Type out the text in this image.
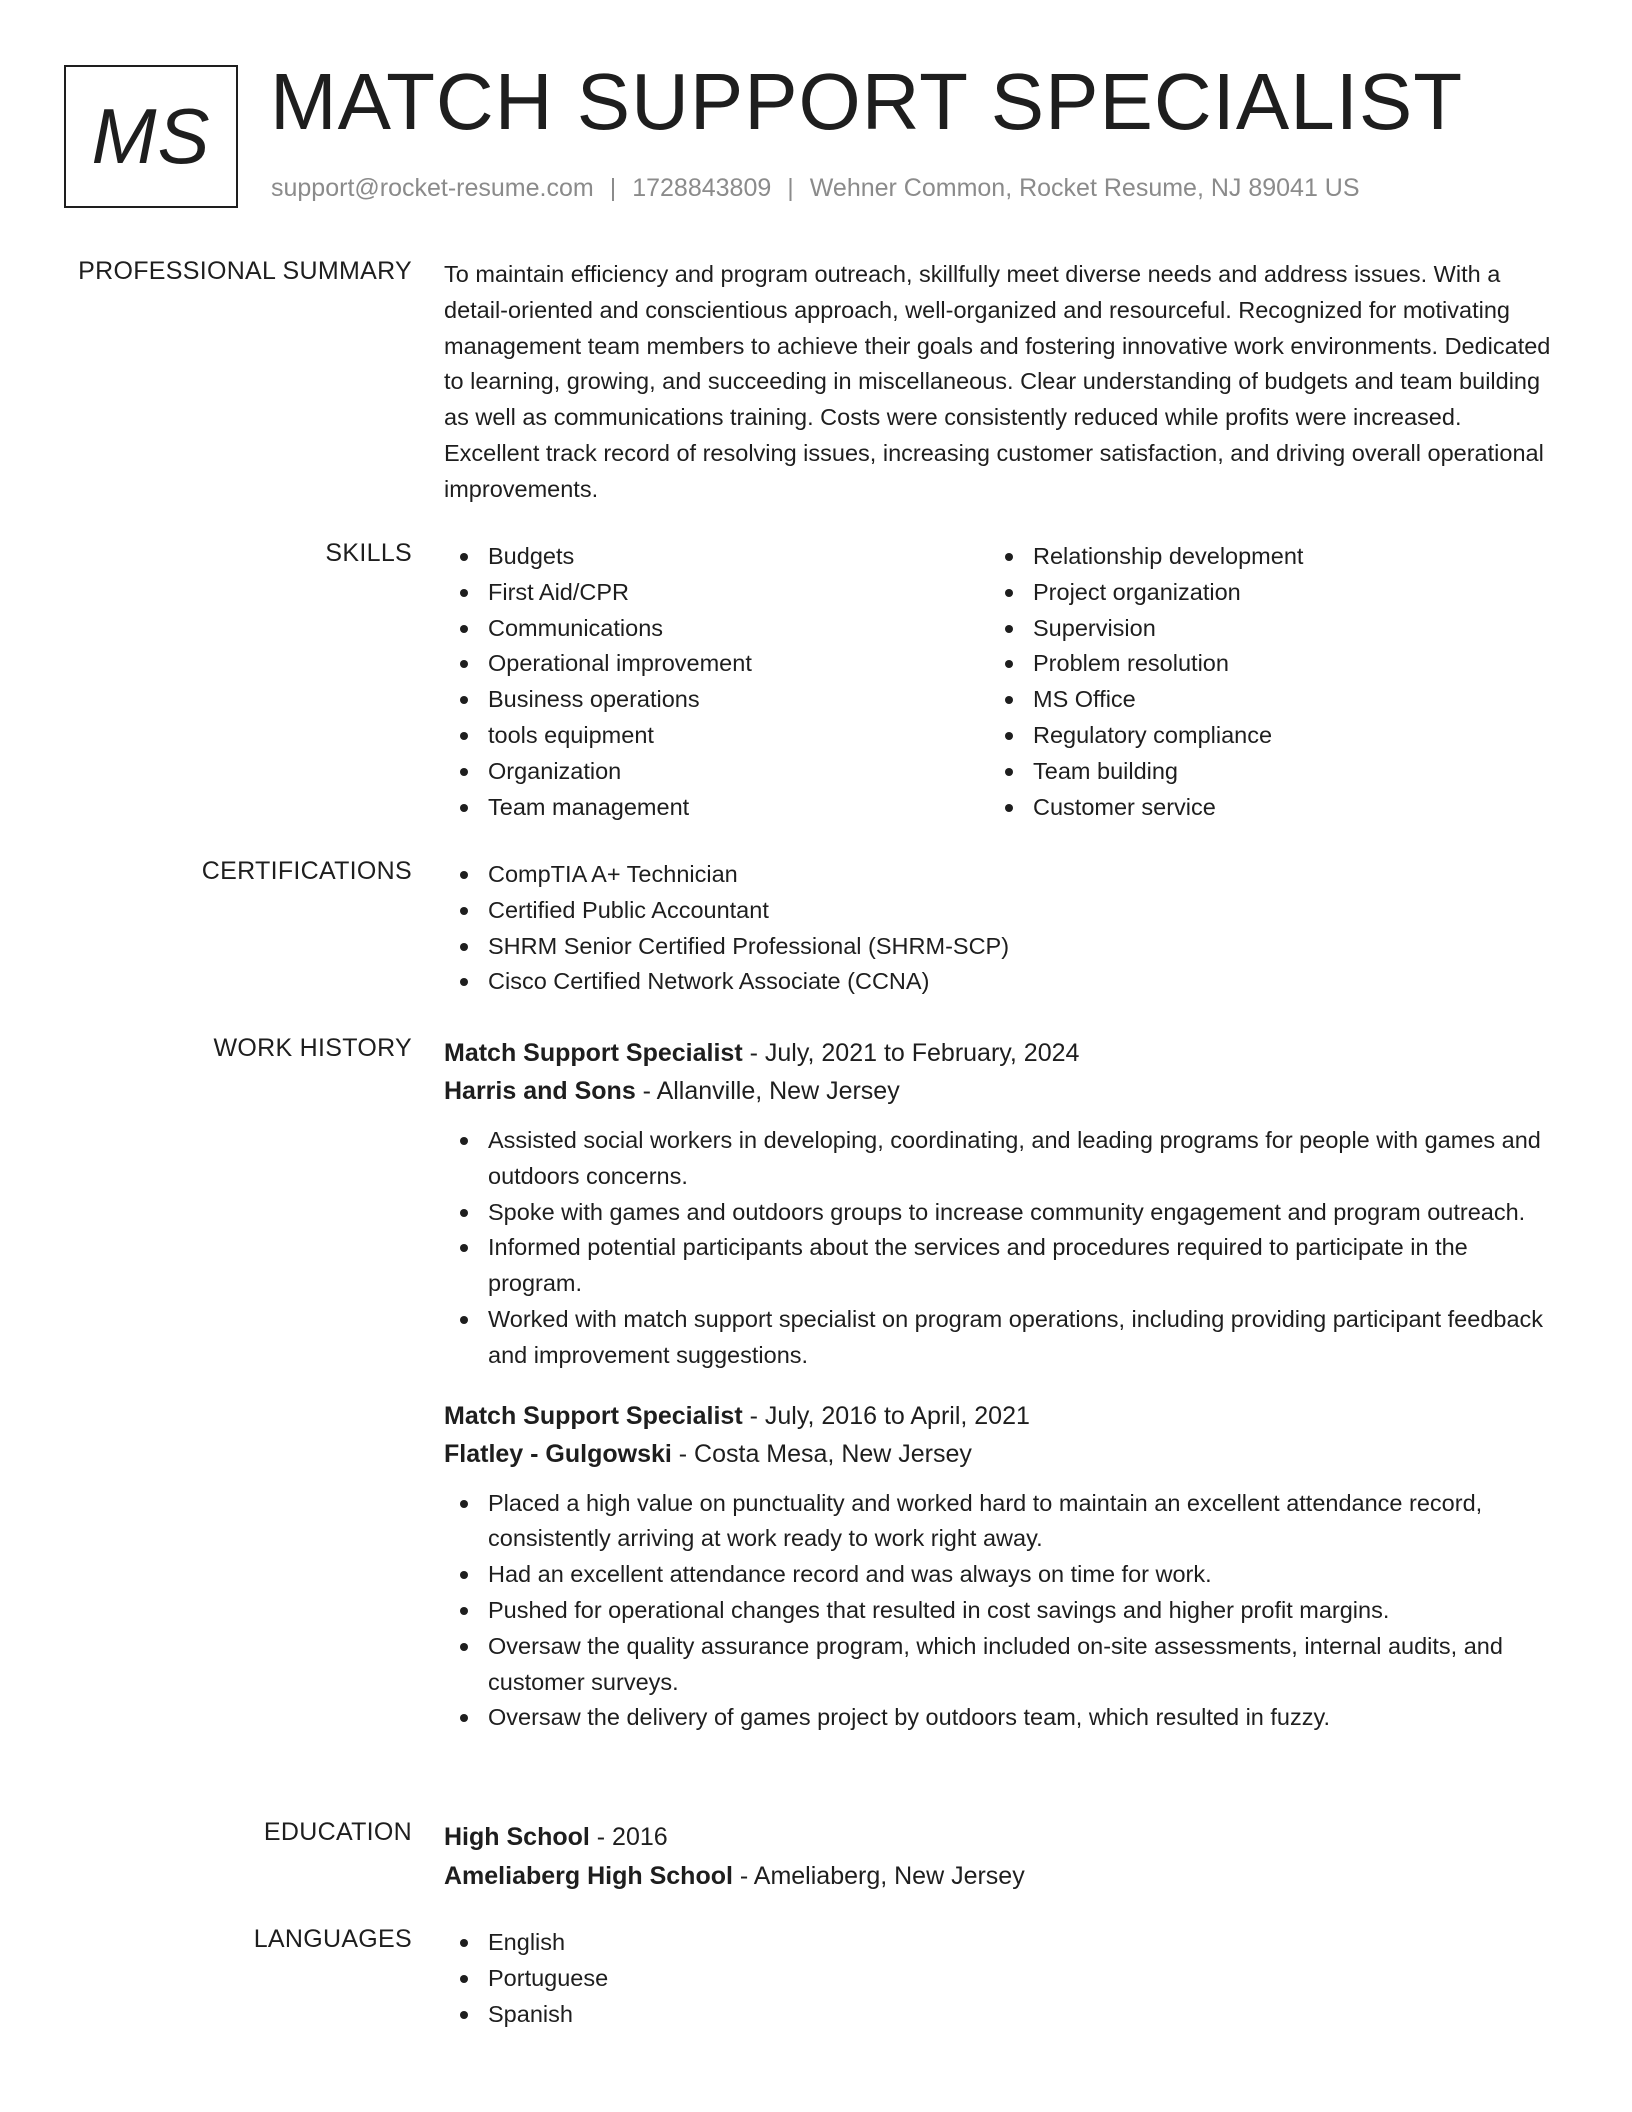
MS MATCH SUPPORT SPECIALIST
support@rocket-resume.com | 1728843809 | Wehner Common, Rocket Resume, NJ 89041 US
PROFESSIONAL SUMMARY To maintain efficiency and program outreach, skillfully meet diverse needs and address issues. With a detail-oriented and conscientious approach, well-organized and resourceful. Recognized for motivating management team members to achieve their goals and fostering innovative work environments. Dedicated to learning, growing, and succeeding in miscellaneous. Clear understanding of budgets and team building as well as communications training. Costs were consistently reduced while profits were increased. Excellent track record of resolving issues, increasing customer satisfaction, and driving overall operational improvements.

SKILLS	Budgets
First Aid/CPR
Communications
Operational improvement
Business operations
tools equipment
Organization
Team management
Relationship development
Project organization
Supervision
Problem resolution
MS Office
Regulatory compliance
Team building
Customer service
CERTIFICATIONS	CompTIA A+ Technician
Certified Public Accountant
SHRM Senior Certified Professional (SHRM-SCP)
Cisco Certified Network Associate (CCNA)
WORK HISTORY Match Support Specialist - July, 2021 to February, 2024
Harris and Sons - Allanville, New Jersey
Assisted social workers in developing, coordinating, and leading programs for people with games and outdoors concerns.
Spoke with games and outdoors groups to increase community engagement and program outreach.
Informed potential participants about the services and procedures required to participate in the program.
Worked with match support specialist on program operations, including providing participant feedback and improvement suggestions.
Match Support Specialist - July, 2016 to April, 2021
Flatley - Gulgowski - Costa Mesa, New Jersey
Placed a high value on punctuality and worked hard to maintain an excellent attendance record, consistently arriving at work ready to work right away.
Had an excellent attendance record and was always on time for work.
Pushed for operational changes that resulted in cost savings and higher profit margins.
Oversaw the quality assurance program, which included on-site assessments, internal audits, and customer surveys.
Oversaw the delivery of games project by outdoors team, which resulted in fuzzy.
EDUCATION High School - 2016
Ameliaberg High School - Ameliaberg, New Jersey
LANGUAGES	English
Portuguese
Spanish
